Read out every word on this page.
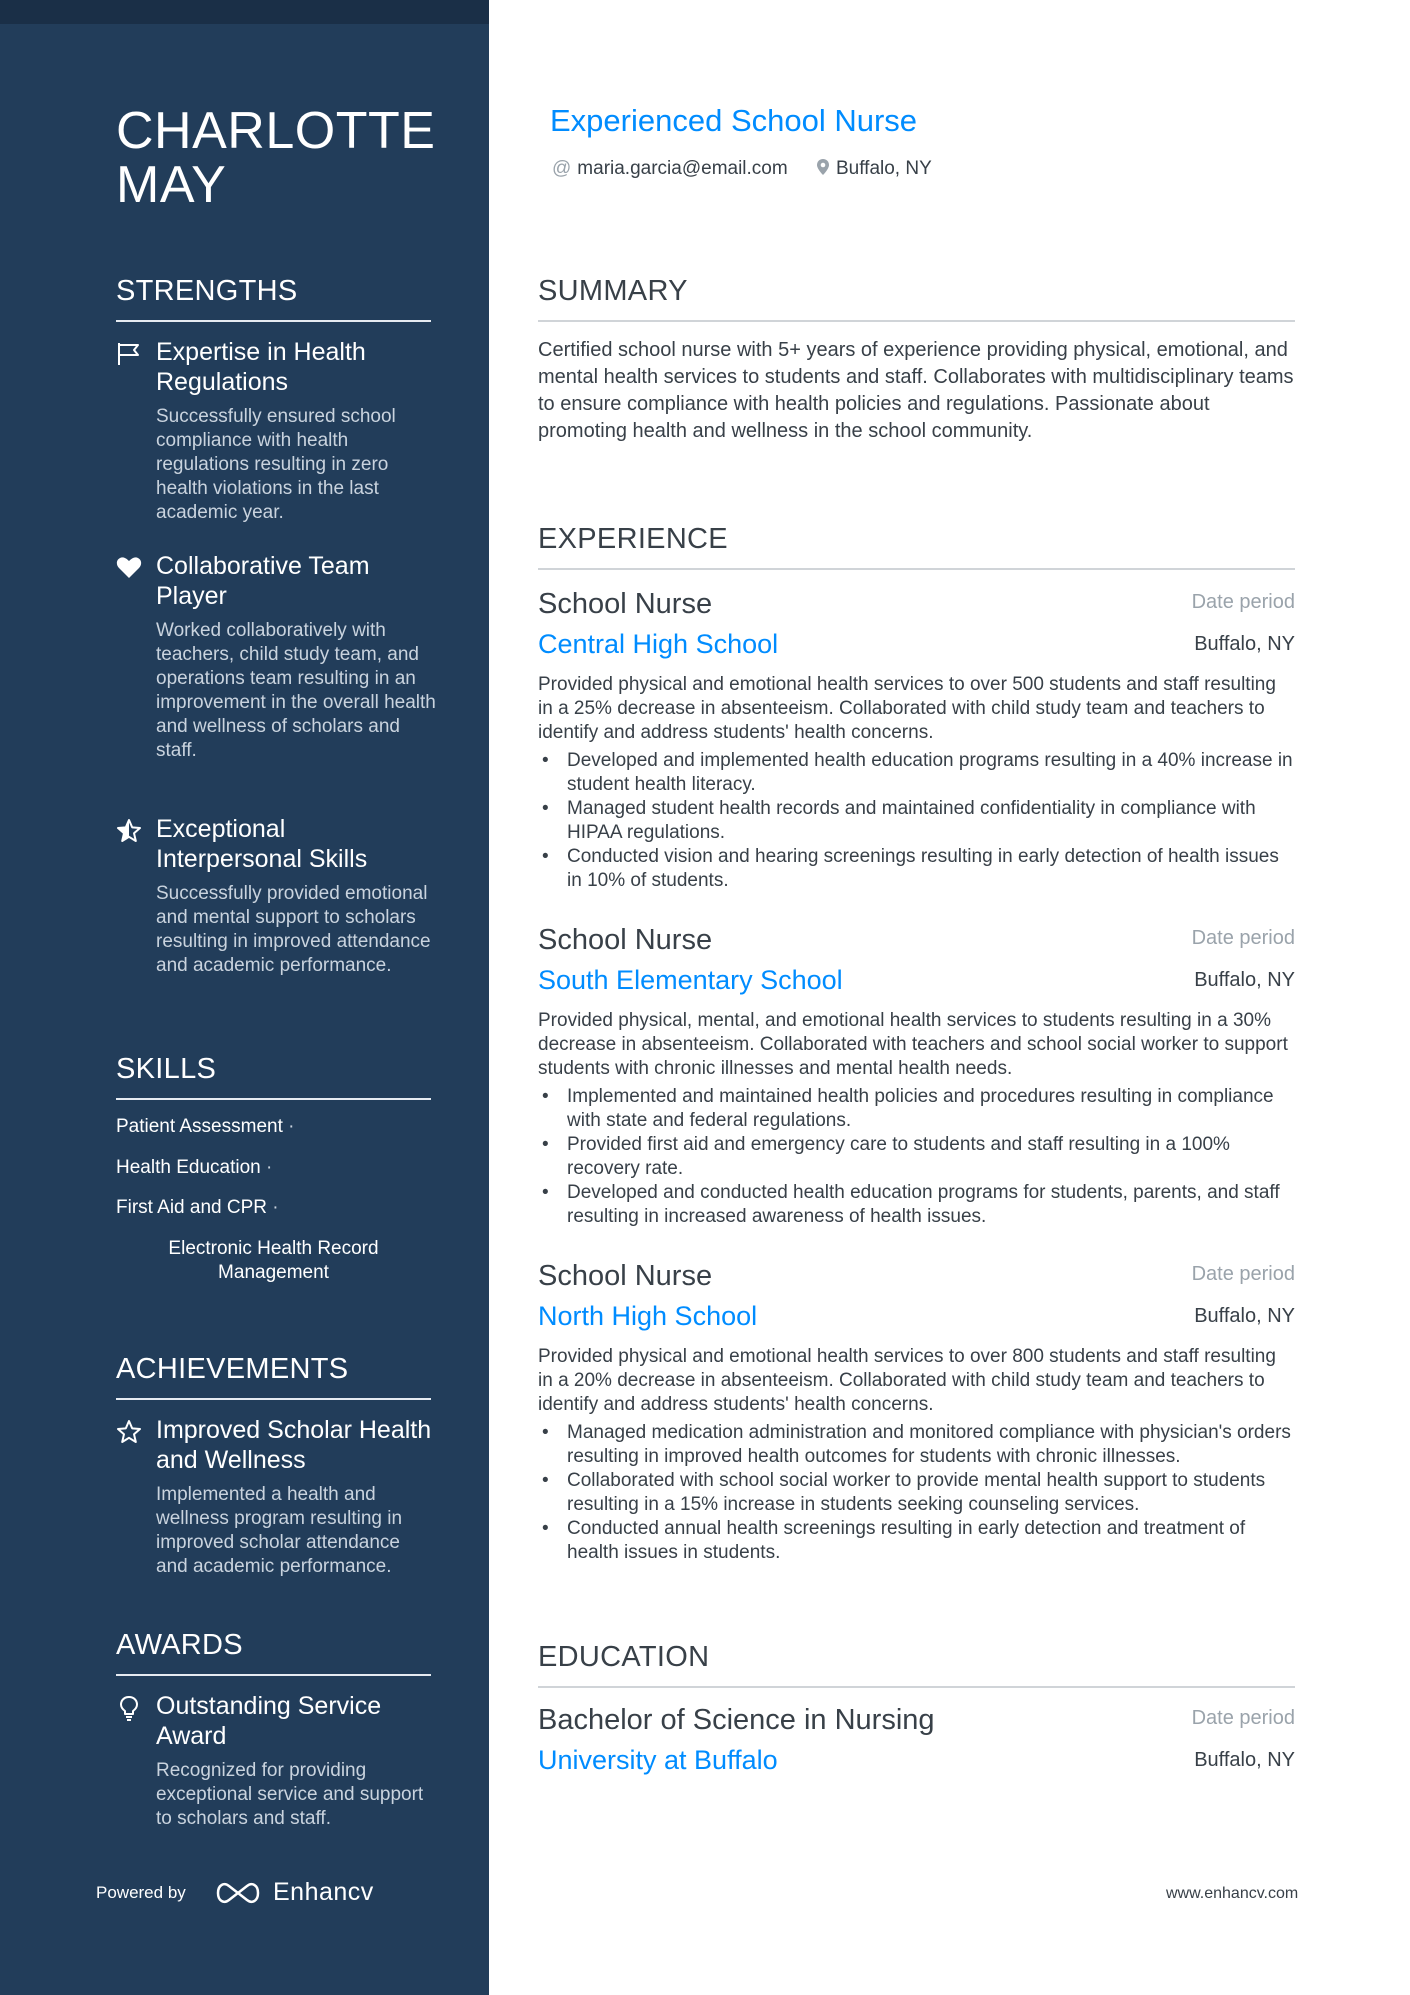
CHARLOTTE MAY
STRENGTHS
Expertise in Health Regulations
Successfully ensured school compliance with health regulations resulting in zero health violations in the last academic year.
Collaborative Team Player
Worked collaboratively with teachers, child study team, and operations team resulting in an improvement in the overall health and wellness of scholars and staff.
Exceptional Interpersonal Skills
Successfully provided emotional and mental support to scholars resulting in improved attendance and academic performance.
SKILLS
Patient Assessment ·
Health Education ·
First Aid and CPR ·
Electronic Health Record Management
ACHIEVEMENTS
Improved Scholar Health and Wellness
Implemented a health and wellness program resulting in improved scholar attendance and academic performance.
AWARDS
Outstanding Service Award
Recognized for providing exceptional service and support to scholars and staff.
Powered by	Enhancv
Experienced School Nurse
@ maria.garcia@email.com	Buffalo, NY
SUMMARY
Certified school nurse with 5+ years of experience providing physical, emotional, and mental health services to students and staff. Collaborates with multidisciplinary teams to ensure compliance with health policies and regulations. Passionate about promoting health and wellness in the school community.
EXPERIENCE
School Nurse	Date period
Central High School	Buffalo, NY
Provided physical and emotional health services to over 500 students and staff resulting in a 25% decrease in absenteeism. Collaborated with child study team and teachers to identify and address students' health concerns.
• Developed and implemented health education programs resulting in a 40% increase in student health literacy.
• Managed student health records and maintained confidentiality in compliance with HIPAA regulations.
• Conducted vision and hearing screenings resulting in early detection of health issues in 10% of students.
School Nurse	Date period
South Elementary School	Buffalo, NY
Provided physical, mental, and emotional health services to students resulting in a 30% decrease in absenteeism. Collaborated with teachers and school social worker to support students with chronic illnesses and mental health needs.
• Implemented and maintained health policies and procedures resulting in compliance with state and federal regulations.
• Provided first aid and emergency care to students and staff resulting in a 100% recovery rate.
• Developed and conducted health education programs for students, parents, and staff resulting in increased awareness of health issues.
School Nurse	Date period
North High School	Buffalo, NY
Provided physical and emotional health services to over 800 students and staff resulting in a 20% decrease in absenteeism. Collaborated with child study team and teachers to identify and address students' health concerns.
• Managed medication administration and monitored compliance with physician's orders resulting in improved health outcomes for students with chronic illnesses.
• Collaborated with school social worker to provide mental health support to students resulting in a 15% increase in students seeking counseling services.
• Conducted annual health screenings resulting in early detection and treatment of health issues in students.
EDUCATION
Bachelor of Science in Nursing	Date period
University at Buffalo	Buffalo, NY
www.enhancv.com
